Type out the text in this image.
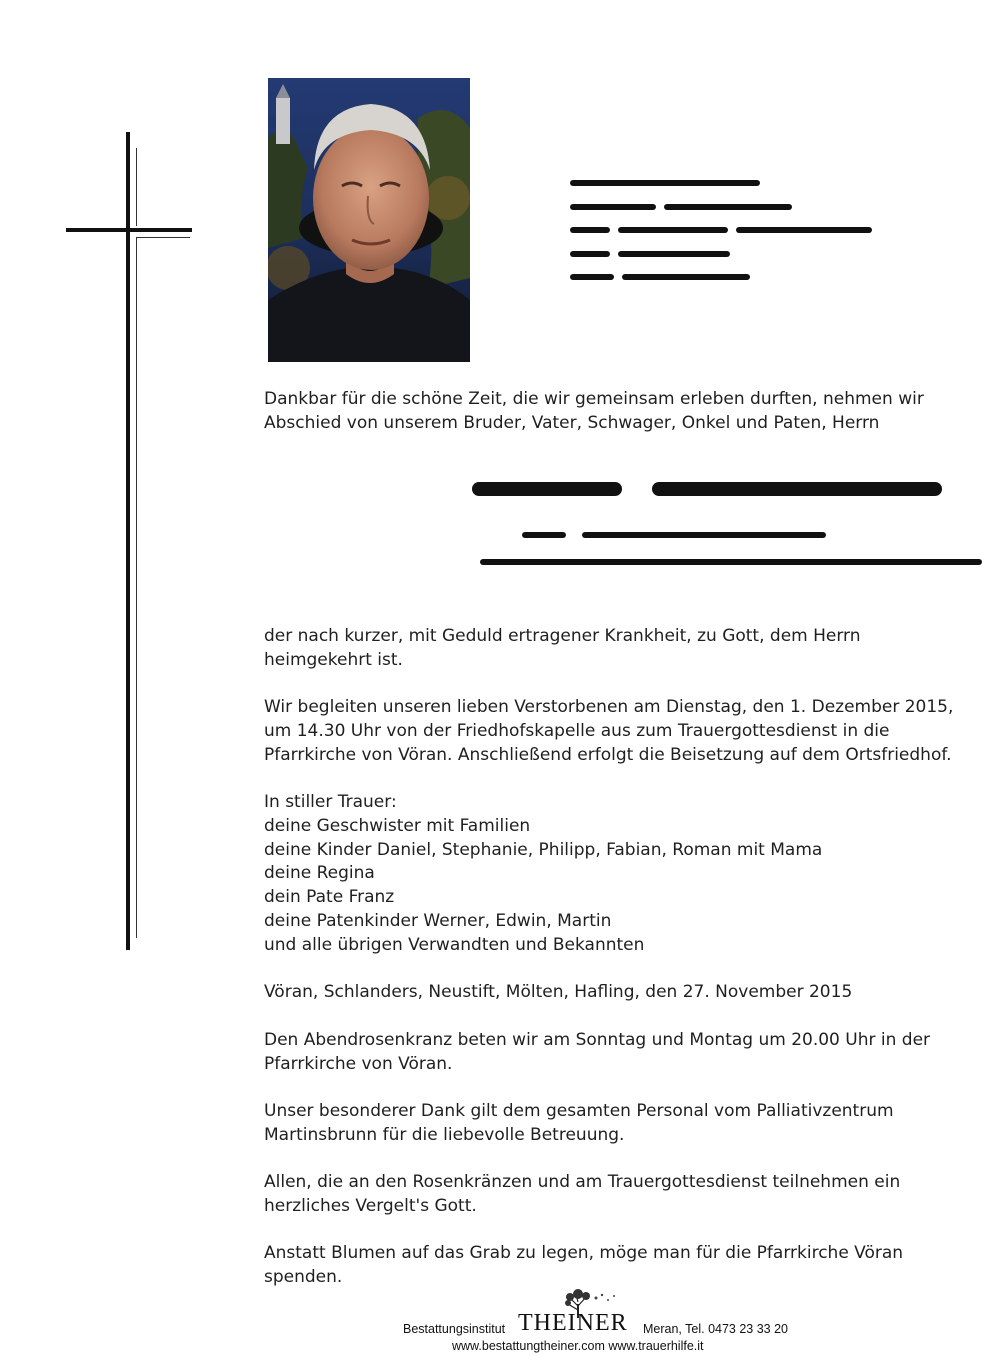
Dankbar für die schöne Zeit, die wir gemeinsam erleben durften, nehmen wir
Abschied von unserem Bruder, Vater, Schwager, Onkel und Paten, Herrn
der nach kurzer, mit Geduld ertragener Krankheit, zu Gott, dem Herrn
heimgekehrt ist.
Wir begleiten unseren lieben Verstorbenen am Dienstag, den 1. Dezember 2015,
um 14.30 Uhr von der Friedhofskapelle aus zum Trauergottesdienst in die
Pfarrkirche von Vöran. Anschließend erfolgt die Beisetzung auf dem Ortsfriedhof.
In stiller Trauer:
deine Geschwister mit Familien
deine Kinder Daniel, Stephanie, Philipp, Fabian, Roman mit Mama
deine Regina
dein Pate Franz
deine Patenkinder Werner, Edwin, Martin
und alle übrigen Verwandten und Bekannten
Vöran, Schlanders, Neustift, Mölten, Hafling, den 27. November 2015
Den Abendrosenkranz beten wir am Sonntag und Montag um 20.00 Uhr in der
Pfarrkirche von Vöran.
Unser besonderer Dank gilt dem gesamten Personal vom Palliativzentrum
Martinsbrunn für die liebevolle Betreuung.
Allen, die an den Rosenkränzen und am Trauergottesdienst teilnehmen ein
herzliches Vergelt's Gott.
Anstatt Blumen auf das Grab zu legen, möge man für die Pfarrkirche Vöran
spenden.
Bestattungsinstitut THEINER Meran, Tel. 0473 23 33 20
www.bestattungtheiner.com www.trauerhilfe.it
